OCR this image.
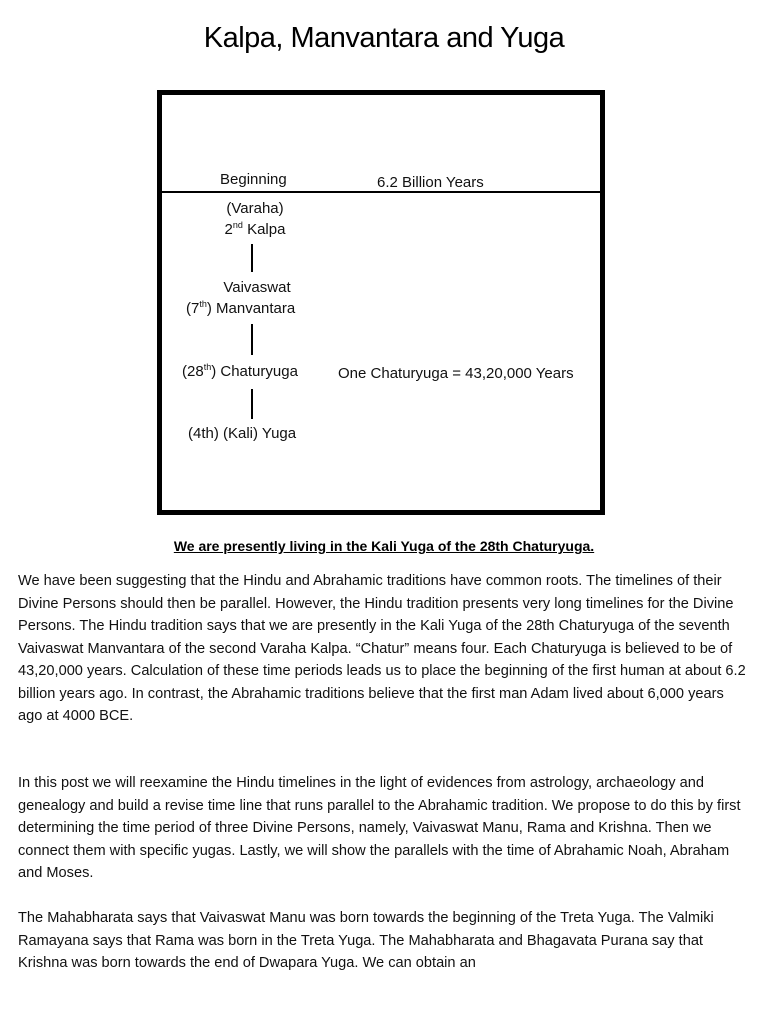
Kalpa, Manvantara and Yuga
Beginning	6.2 Billion Years
(Varaha)
2nd Kalpa
Vaivaswat
(7th) Manvantara
(28th) Chaturyuga	One Chaturyuga = 43,20,000 Years
(4th) (Kali) Yuga
We are presently living in the Kali Yuga of the 28th Chaturyuga.

We have been suggesting that the Hindu and Abrahamic traditions have common roots. The timelines of their Divine Persons should then be parallel. However, the Hindu tradition presents very long timelines for the Divine Persons. The Hindu tradition says that we are presently in the Kali Yuga of the 28th Chaturyuga of the seventh Vaivaswat Manvantara of the second Varaha Kalpa. “Chatur” means four. Each Chaturyuga is believed to be of 43,20,000 years. Calculation of these time periods leads us to place the beginning of the first human at about 6.2 billion years ago. In contrast, the Abrahamic traditions believe that the first man Adam lived about 6,000 years ago at 4000 BCE.

In this post we will reexamine the Hindu timelines in the light of evidences from astrology, archaeology and genealogy and build a revise time line that runs parallel to the Abrahamic tradition. We propose to do this by first determining the time period of three Divine Persons, namely, Vaivaswat Manu, Rama and Krishna. Then we connect them with specific yugas. Lastly, we will show the parallels with the time of Abrahamic Noah, Abraham and Moses.

The Mahabharata says that Vaivaswat Manu was born towards the beginning of the Treta Yuga. The Valmiki Ramayana says that Rama was born in the Treta Yuga. The Mahabharata and Bhagavata Purana say that Krishna was born towards the end of Dwapara Yuga. We can obtain an
